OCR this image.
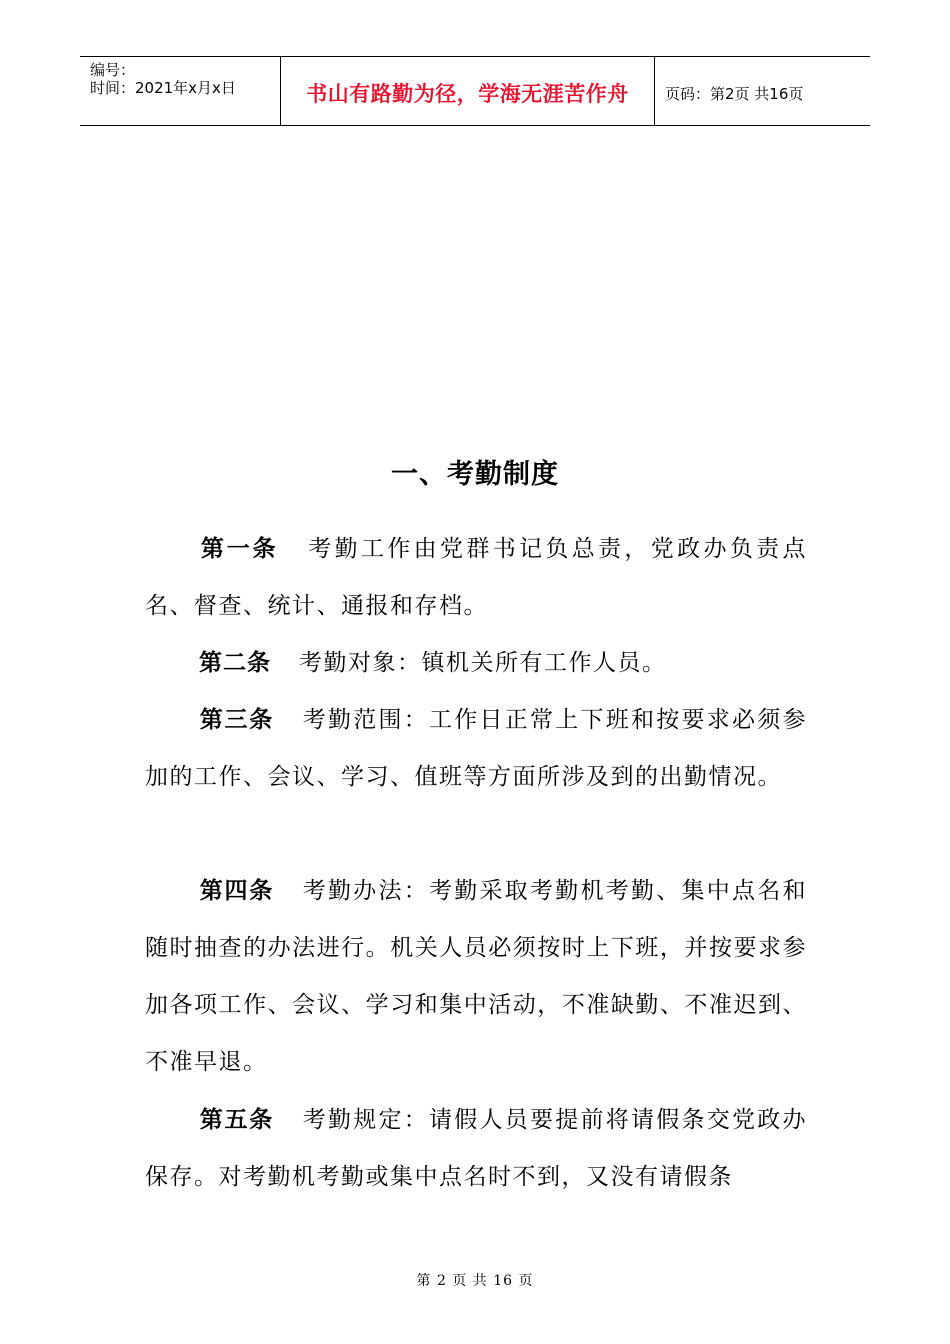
编号：
时间：2021年x月x日	书山有路勤为径，学海无涯苦作舟 页码：第2页 共16页
一、考勤制度
第一条 考勤工作由党群书记负总责，党政办负责点名、督查、统计、通报和存档。
第二条 考勤对象：镇机关所有工作人员。
第三条 考勤范围：工作日正常上下班和按要求必须参加的工作、会议、学习、值班等方面所涉及到的出勤情况。
第四条 考勤办法：考勤采取考勤机考勤、集中点名和随时抽查的办法进行。机关人员必须按时上下班，并按要求参加各项工作、会议、学习和集中活动，不准缺勤、不准迟到、不准早退。
第五条 考勤规定：请假人员要提前将请假条交党政办保存。对考勤机考勤或集中点名时不到，又没有请假条
第 2 页 共 16 页
